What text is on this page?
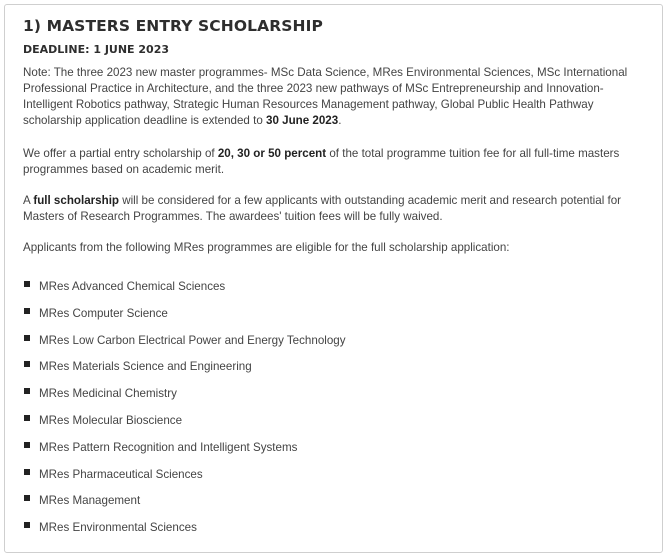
1) MASTERS ENTRY SCHOLARSHIP
DEADLINE: 1 JUNE 2023

Note: The three 2023 new master programmes- MSc Data Science, MRes Environmental Sciences, MSc International Professional Practice in Architecture, and the three 2023 new pathways of MSc Entrepreneurship and Innovation-Intelligent Robotics pathway, Strategic Human Resources Management pathway, Global Public Health Pathway scholarship application deadline is extended to 30 June 2023.

We offer a partial entry scholarship of 20, 30 or 50 percent of the total programme tuition fee for all full-time masters programmes based on academic merit.

A full scholarship will be considered for a few applicants with outstanding academic merit and research potential for Masters of Research Programmes. The awardees' tuition fees will be fully waived.

Applicants from the following MRes programmes are eligible for the full scholarship application:

MRes Advanced Chemical Sciences
MRes Computer Science
MRes Low Carbon Electrical Power and Energy Technology
MRes Materials Science and Engineering
MRes Medicinal Chemistry
MRes Molecular Bioscience
MRes Pattern Recognition and Intelligent Systems
MRes Pharmaceutical Sciences
MRes Management
MRes Environmental Sciences
